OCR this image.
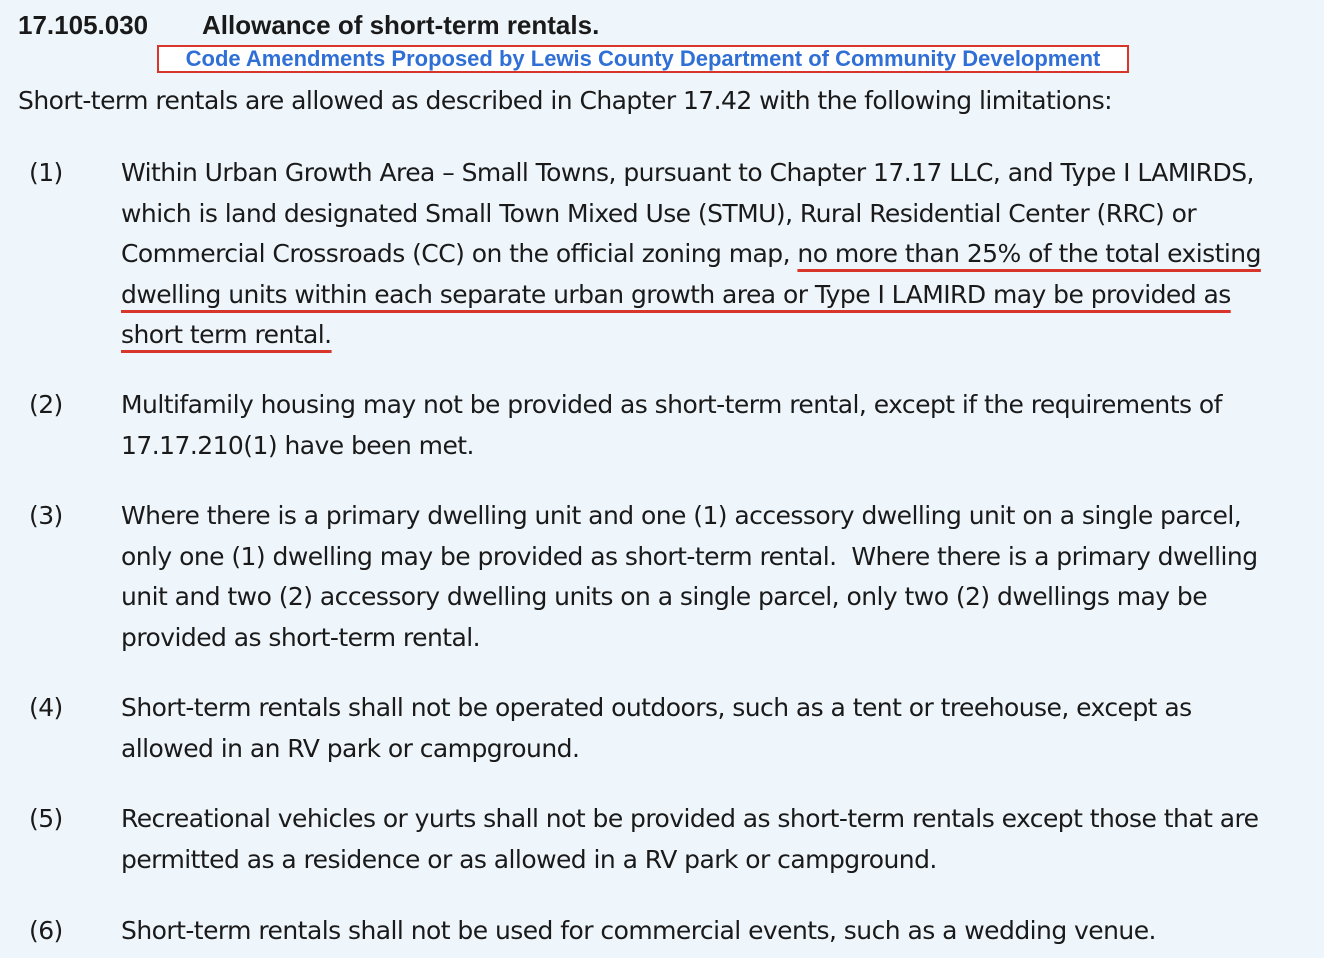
17.105.030 Allowance of short-term rentals.
Code Amendments Proposed by Lewis County Department of Community Development
Short-term rentals are allowed as described in Chapter 17.42 with the following limitations:
(1) Within Urban Growth Area – Small Towns, pursuant to Chapter 17.17 LLC, and Type I LAMIRDS,
which is land designated Small Town Mixed Use (STMU), Rural Residential Center (RRC) or
Commercial Crossroads (CC) on the official zoning map, no more than 25% of the total existing
dwelling units within each separate urban growth area or Type I LAMIRD may be provided as
short term rental.
(2) Multifamily housing may not be provided as short-term rental, except if the requirements of
17.17.210(1) have been met.
(3) Where there is a primary dwelling unit and one (1) accessory dwelling unit on a single parcel,
only one (1) dwelling may be provided as short-term rental.  Where there is a primary dwelling
unit and two (2) accessory dwelling units on a single parcel, only two (2) dwellings may be
provided as short-term rental.
(4) Short-term rentals shall not be operated outdoors, such as a tent or treehouse, except as
allowed in an RV park or campground.
(5) Recreational vehicles or yurts shall not be provided as short-term rentals except those that are
permitted as a residence or as allowed in a RV park or campground.
(6) Short-term rentals shall not be used for commercial events, such as a wedding venue.
